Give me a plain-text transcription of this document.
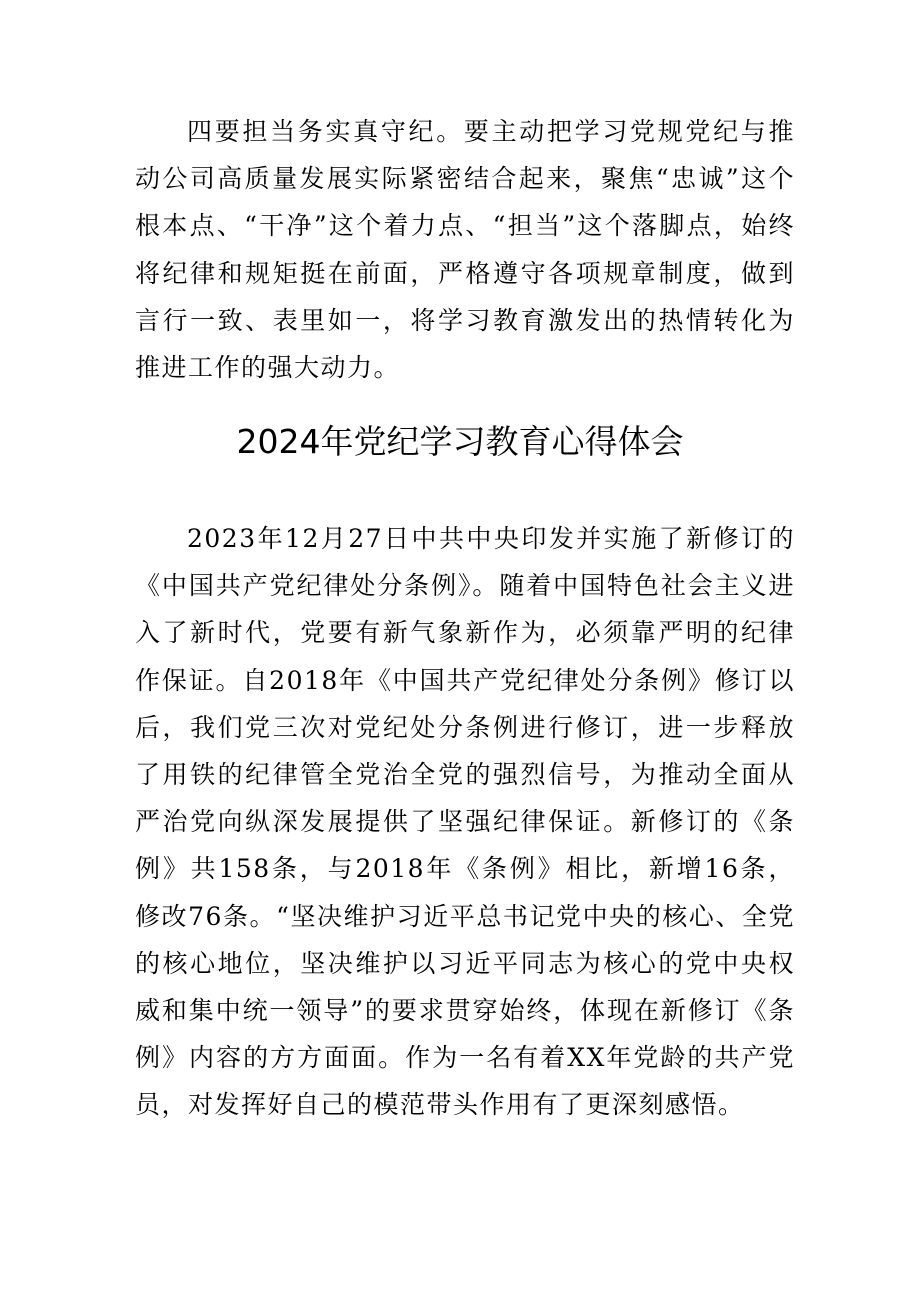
四要担当务实真守纪。要主动把学习党规党纪与推动公司高质量发展实际紧密结合起来，聚焦“忠诚”这个根本点、“干净”这个着力点、“担当”这个落脚点，始终将纪律和规矩挺在前面，严格遵守各项规章制度，做到言行一致、表里如一，将学习教育激发出的热情转化为推进工作的强大动力。

2024年党纪学习教育心得体会

2023年12月27日中共中央印发并实施了新修订的《中国共产党纪律处分条例》。随着中国特色社会主义进入了新时代，党要有新气象新作为，必须靠严明的纪律作保证。自2018年《中国共产党纪律处分条例》修订以后，我们党三次对党纪处分条例进行修订，进一步释放了用铁的纪律管全党治全党的强烈信号，为推动全面从严治党向纵深发展提供了坚强纪律保证。新修订的《条例》共158条，与2018年《条例》相比，新增16条，修改76条。“坚决维护习近平总书记党中央的核心、全党的核心地位，坚决维护以习近平同志为核心的党中央权威和集中统一领导”的要求贯穿始终，体现在新修订《条例》内容的方方面面。作为一名有着XX年党龄的共产党员，对发挥好自己的模范带头作用有了更深刻感悟。
